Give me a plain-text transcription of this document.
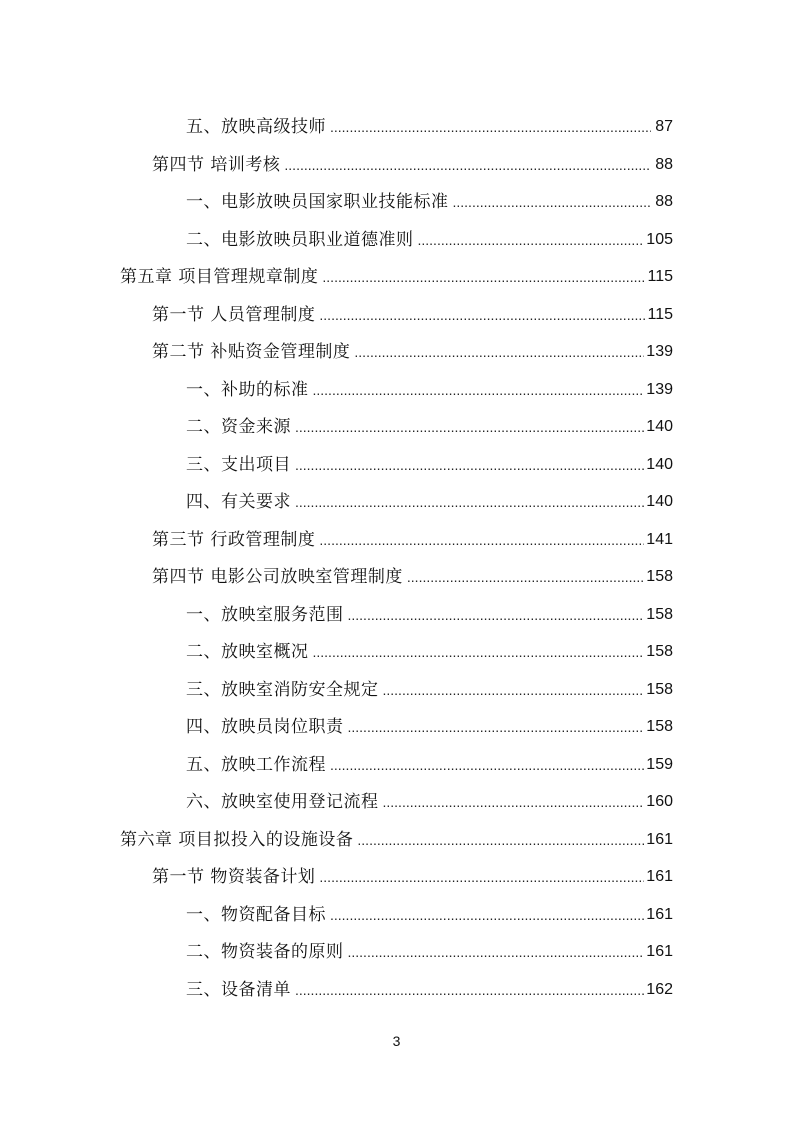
五、放映高级技师 .....	87
第四节 培训考核 .....	88
一、电影放映员国家职业技能标准 .....	88
二、电影放映员职业道德准则 .....	105
第五章 项目管理规章制度 .....	115
第一节 人员管理制度 .....	115
第二节 补贴资金管理制度 .....	139
一、补助的标准 .....	139
二、资金来源 .....	140
三、支出项目 .....	140
四、有关要求 .....	140
第三节 行政管理制度 .....	141
第四节 电影公司放映室管理制度 .....	158
一、放映室服务范围 .....	158
二、放映室概况 .....	158
三、放映室消防安全规定 .....	158
四、放映员岗位职责 .....	158
五、放映工作流程 .....	159
六、放映室使用登记流程 .....	160
第六章 项目拟投入的设施设备 .....	161
第一节 物资装备计划 .....	161
一、物资配备目标 .....	161
二、物资装备的原则 .....	161
三、设备清单 .....	162
3
